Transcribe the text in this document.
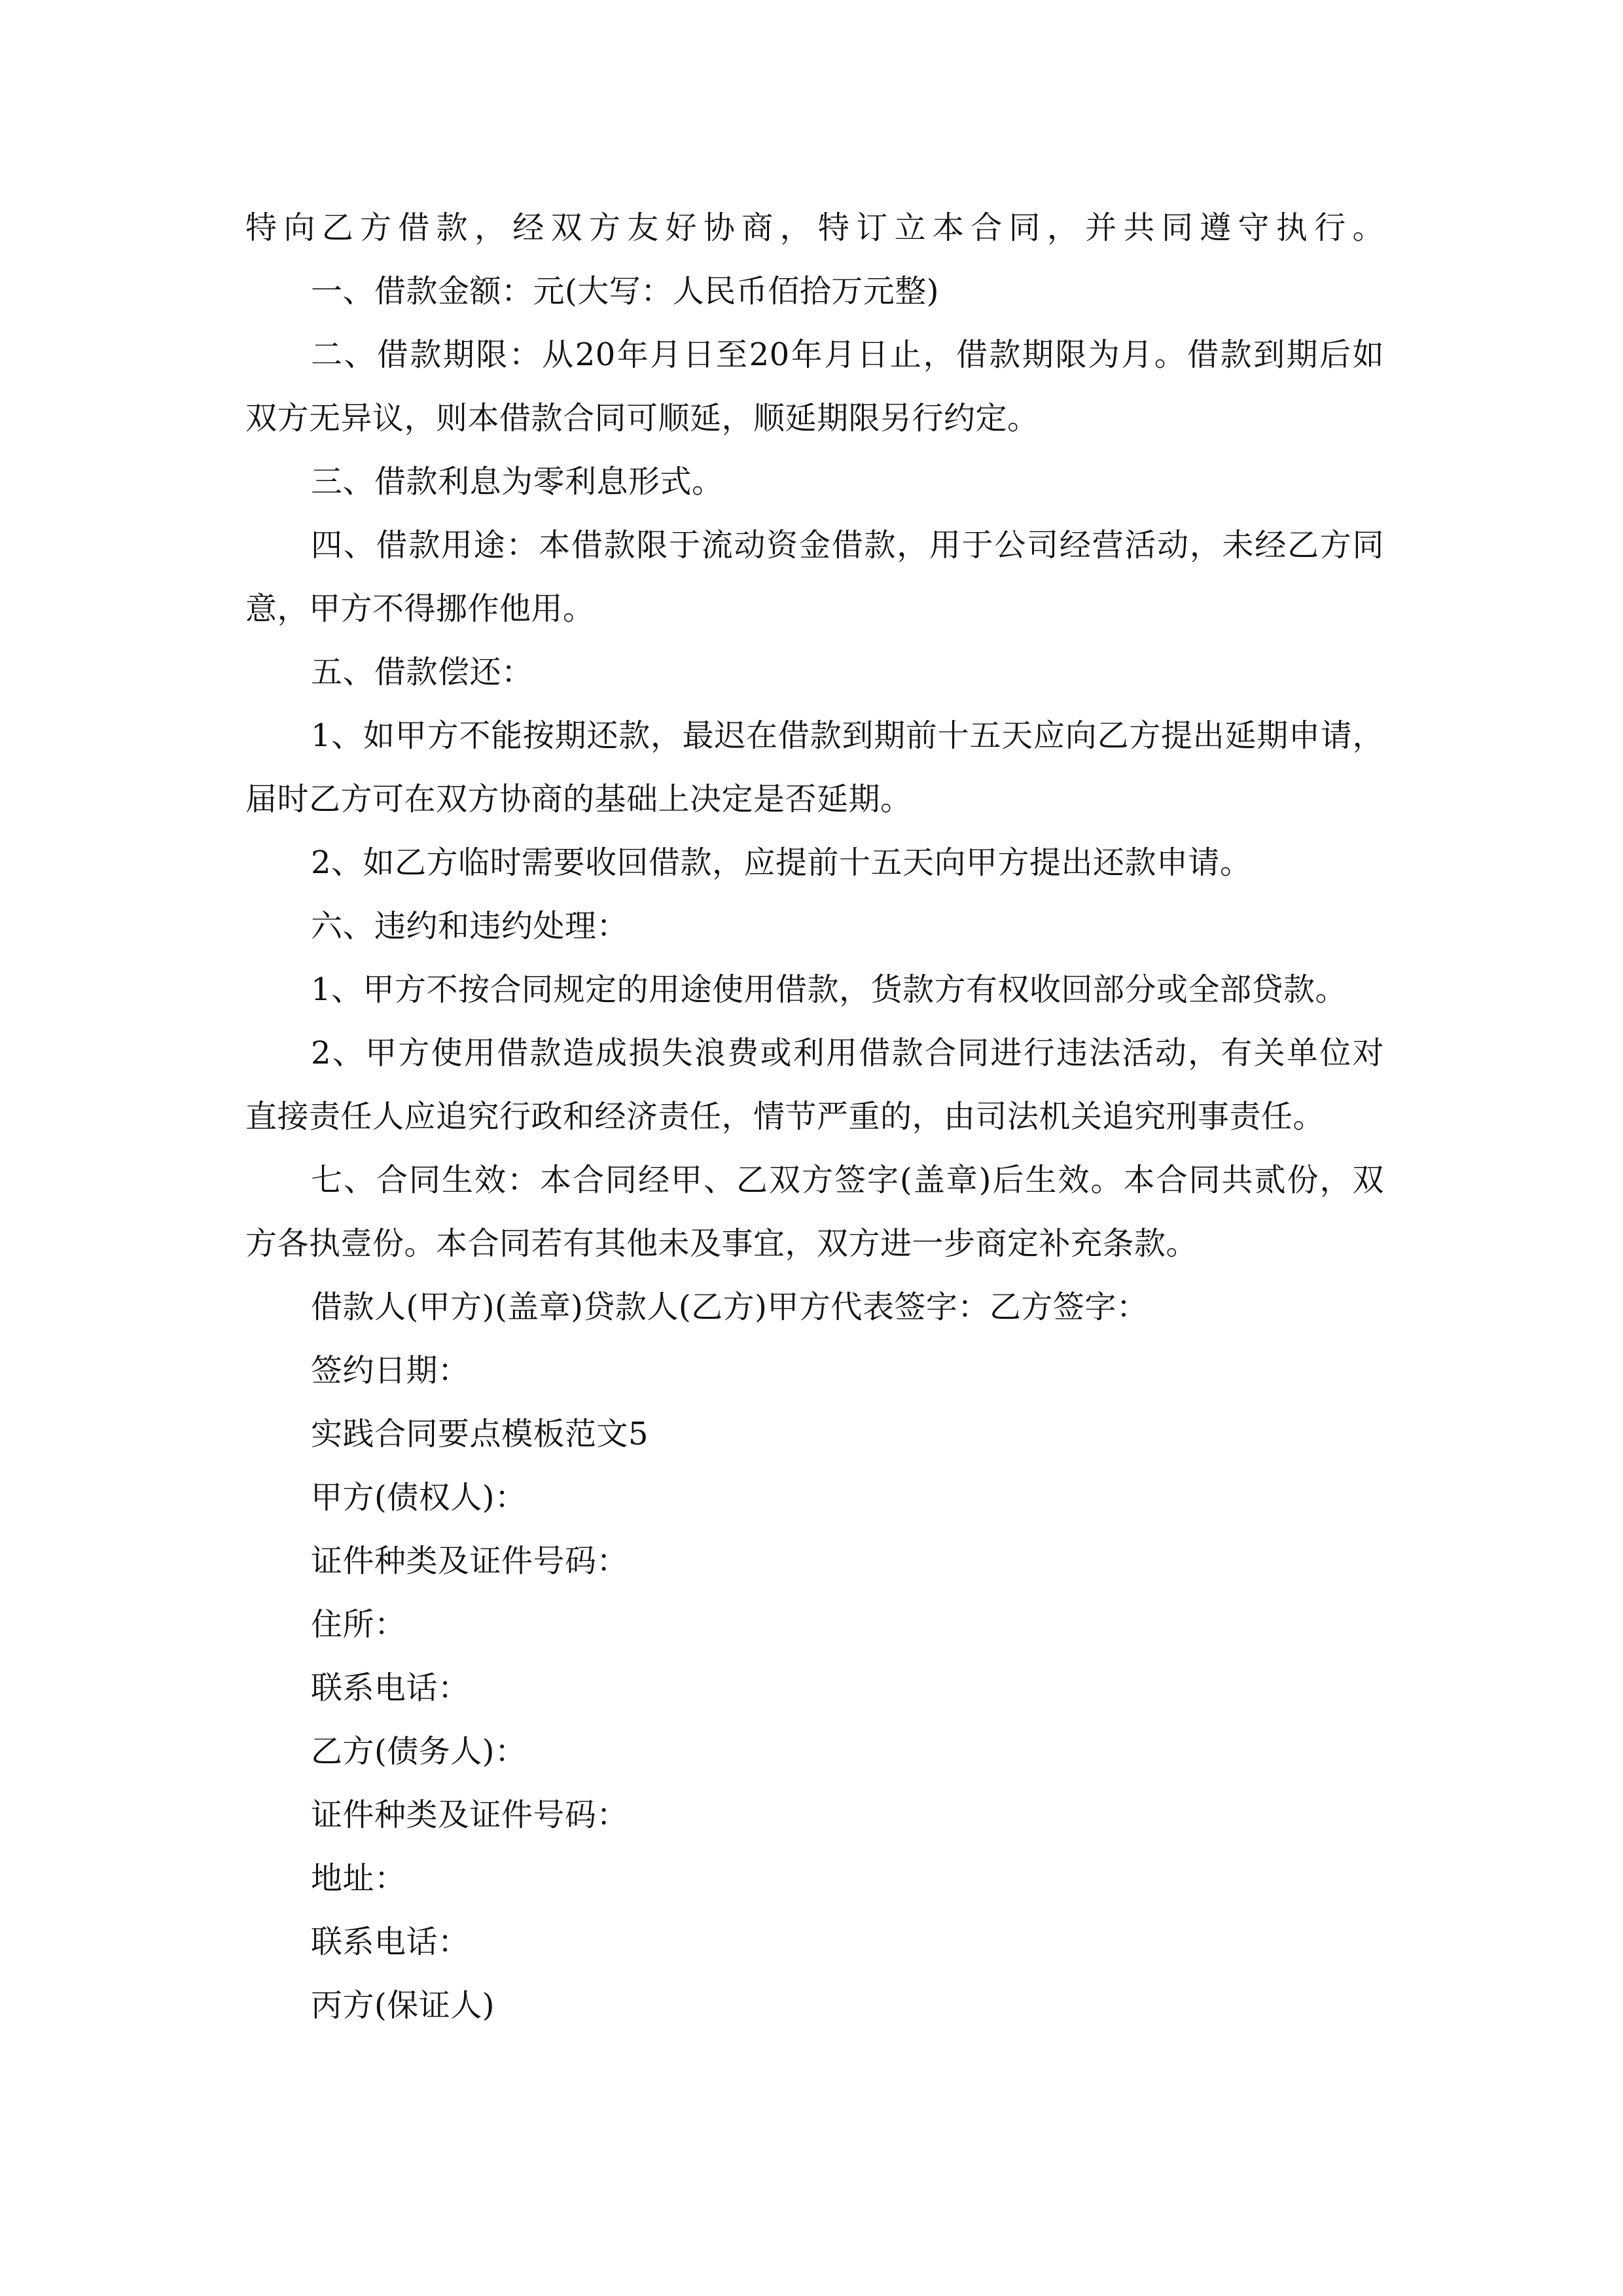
特向乙方借款，经双方友好协商，特订立本合同，并共同遵守执行。
一、借款金额：元(大写：人民币佰拾万元整)
二、借款期限：从20年月日至20年月日止，借款期限为月。借款到期后如
双方无异议，则本借款合同可顺延，顺延期限另行约定。
三、借款利息为零利息形式。
四、借款用途：本借款限于流动资金借款，用于公司经营活动，未经乙方同
意，甲方不得挪作他用。
五、借款偿还：
1、如甲方不能按期还款，最迟在借款到期前十五天应向乙方提出延期申请，
届时乙方可在双方协商的基础上决定是否延期。
2、如乙方临时需要收回借款，应提前十五天向甲方提出还款申请。
六、违约和违约处理：
1、甲方不按合同规定的用途使用借款，货款方有权收回部分或全部贷款。
2、甲方使用借款造成损失浪费或利用借款合同进行违法活动，有关单位对
直接责任人应追究行政和经济责任，情节严重的，由司法机关追究刑事责任。
七、合同生效：本合同经甲、乙双方签字(盖章)后生效。本合同共贰份，双
方各执壹份。本合同若有其他未及事宜，双方进一步商定补充条款。
借款人(甲方)(盖章)贷款人(乙方)甲方代表签字：乙方签字：
签约日期：
实践合同要点模板范文5
甲方(债权人)：
证件种类及证件号码：
住所：
联系电话：
乙方(债务人)：
证件种类及证件号码：
地址：
联系电话：
丙方(保证人)
